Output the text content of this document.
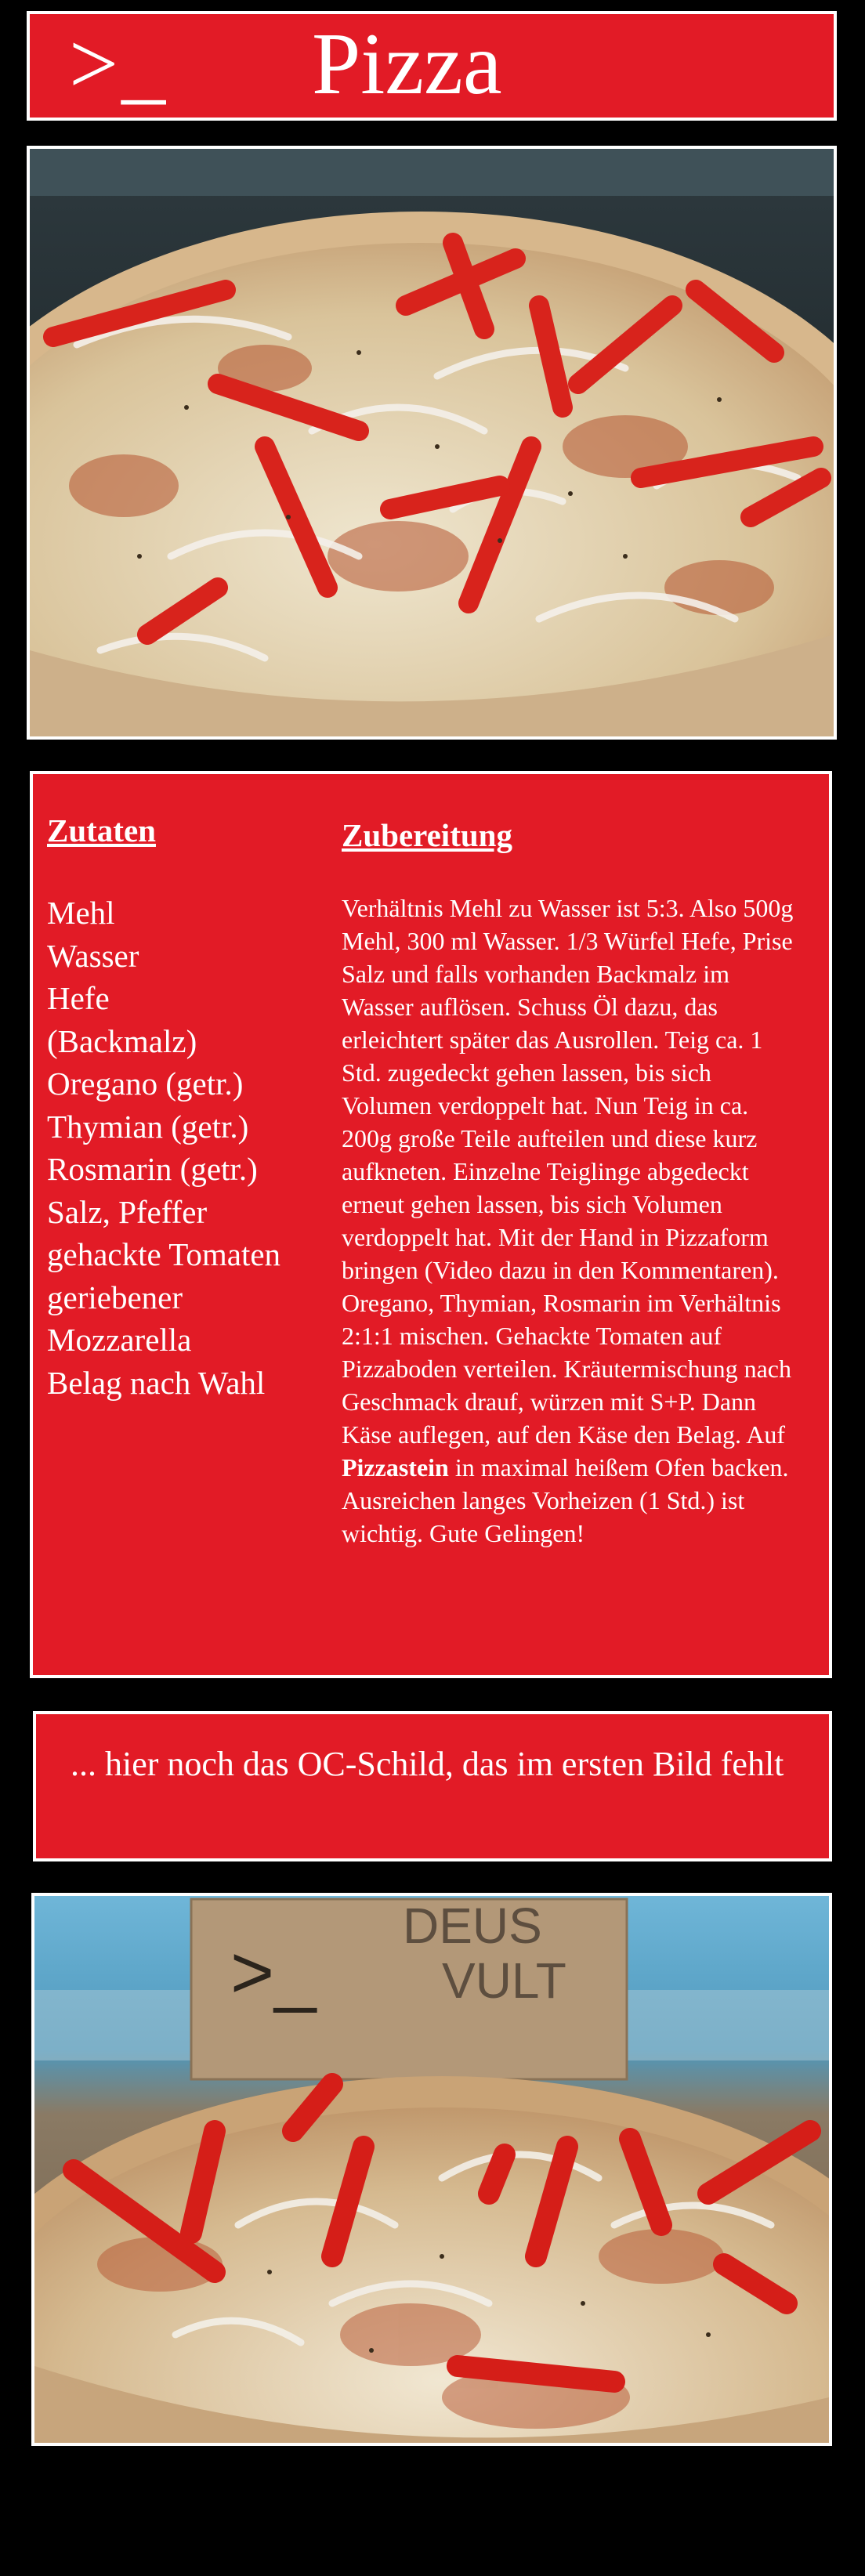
>_ Pizza
Zutaten
Mehl
Wasser
Hefe
(Backmalz)
Oregano (getr.)
Thymian (getr.)
Rosmarin (getr.)
Salz, Pfeffer
gehackte Tomaten
geriebener
Mozzarella
Belag nach Wahl
Zubereitung

Verhältnis Mehl zu Wasser ist 5:3. Also 500g Mehl, 300 ml Wasser. 1/3 Würfel Hefe, Prise Salz und falls vorhanden Backmalz im Wasser auflösen. Schuss Öl dazu, das erleichtert später das Ausrollen. Teig ca. 1 Std. zugedeckt gehen lassen, bis sich Volumen verdoppelt hat. Nun Teig in ca. 200g große Teile aufteilen und diese kurz aufkneten. Einzelne Teiglinge abgedeckt erneut gehen lassen, bis sich Volumen verdoppelt hat. Mit der Hand in Pizzaform bringen (Video dazu in den Kommentaren). Oregano, Thymian, Rosmarin im Verhältnis 2:1:1 mischen. Gehackte Tomaten auf Pizzaboden verteilen. Kräutermischung nach Geschmack drauf, würzen mit S+P. Dann Käse auflegen, auf den Käse den Belag. Auf Pizzastein in maximal heißem Ofen backen. Ausreichen langes Vorheizen (1 Std.) ist wichtig. Gute Gelingen!

... hier noch das OC-Schild, das im ersten Bild fehlt

>_
DEUS
VULT
